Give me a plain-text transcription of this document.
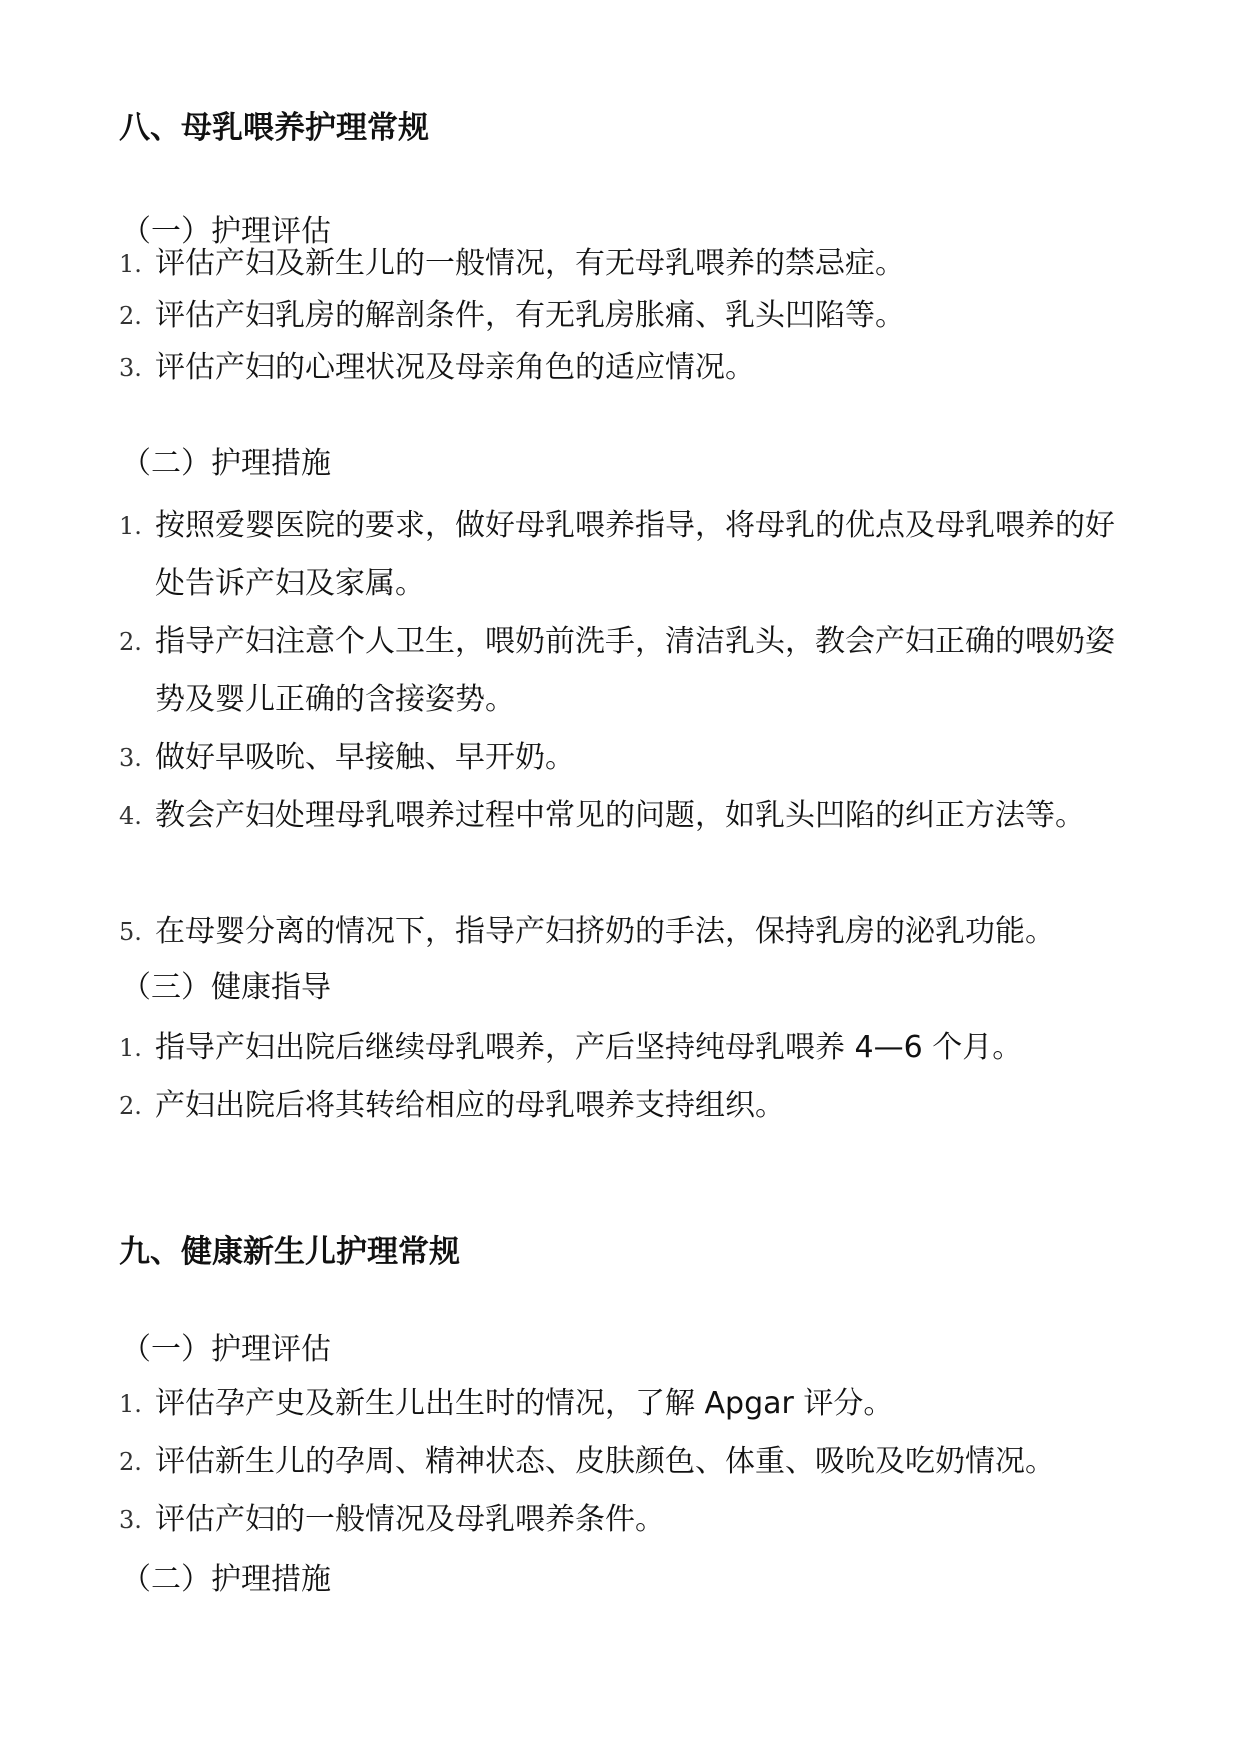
八、母乳喂养护理常规
（一）护理评估
1. 评估产妇及新生儿的一般情况，有无母乳喂养的禁忌症。
2. 评估产妇乳房的解剖条件，有无乳房胀痛、乳头凹陷等。
3. 评估产妇的心理状况及母亲角色的适应情况。
（二）护理措施
1. 按照爱婴医院的要求，做好母乳喂养指导，将母乳的优点及母乳喂养的好处告诉产妇及家属。
2. 指导产妇注意个人卫生，喂奶前洗手，清洁乳头，教会产妇正确的喂奶姿势及婴儿正确的含接姿势。
3. 做好早吸吮、早接触、早开奶。
4. 教会产妇处理母乳喂养过程中常见的问题，如乳头凹陷的纠正方法等。
5. 在母婴分离的情况下，指导产妇挤奶的手法，保持乳房的泌乳功能。
（三）健康指导
1. 指导产妇出院后继续母乳喂养，产后坚持纯母乳喂养 4—6 个月。
2. 产妇出院后将其转给相应的母乳喂养支持组织。
九、健康新生儿护理常规
（一）护理评估
1. 评估孕产史及新生儿出生时的情况，了解 Apgar 评分。
2. 评估新生儿的孕周、精神状态、皮肤颜色、体重、吸吮及吃奶情况。
3. 评估产妇的一般情况及母乳喂养条件。
（二）护理措施
